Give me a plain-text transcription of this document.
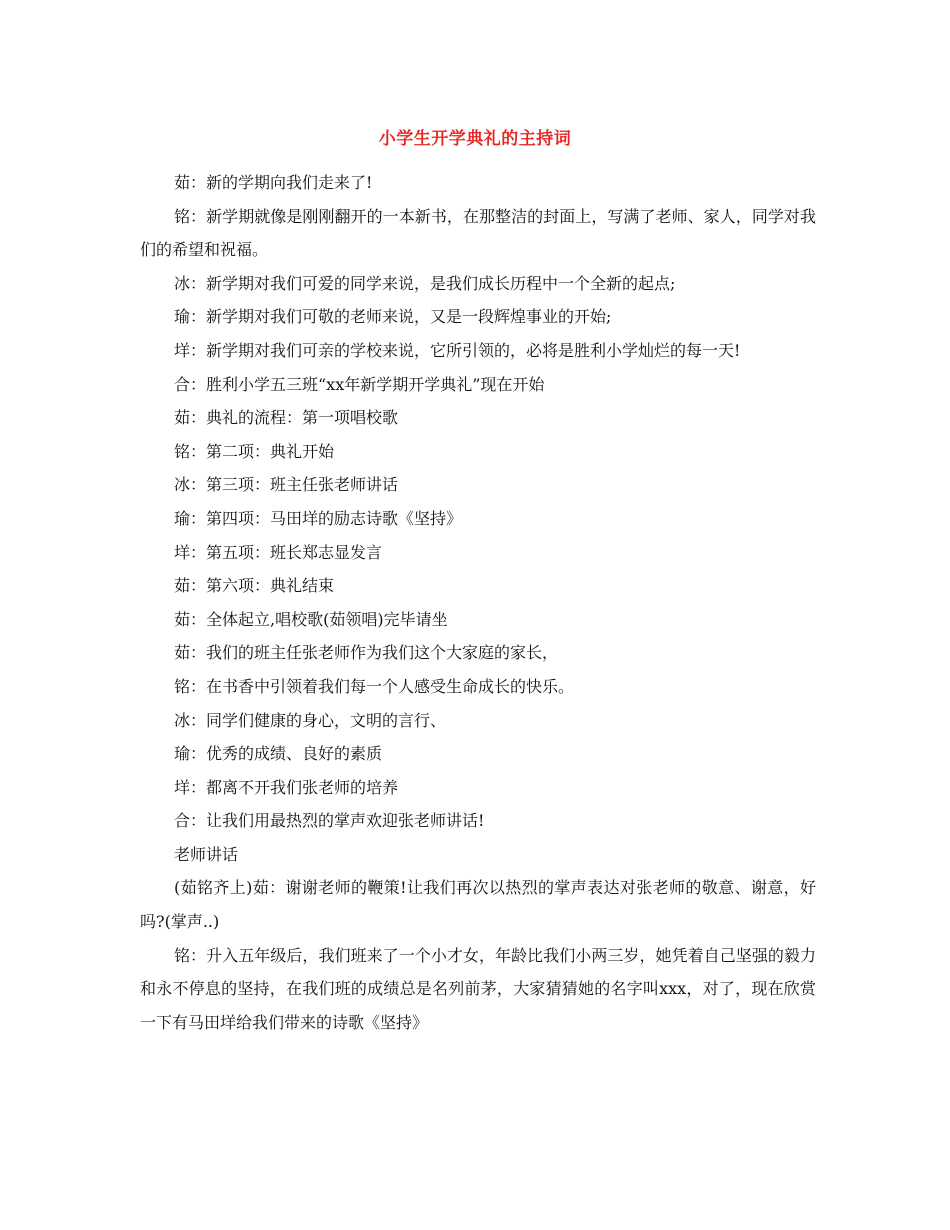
小学生开学典礼的主持词

茹：新的学期向我们走来了!

铭：新学期就像是刚刚翻开的一本新书，在那整洁的封面上，写满了老师、家人，同学对我们的希望和祝福。

冰：新学期对我们可爱的同学来说，是我们成长历程中一个全新的起点;

瑜：新学期对我们可敬的老师来说，又是一段辉煌事业的开始;

垟：新学期对我们可亲的学校来说，它所引领的，必将是胜利小学灿烂的每一天!

合：胜利小学五三班“xx年新学期开学典礼”现在开始

茹：典礼的流程：第一项唱校歌

铭：第二项：典礼开始

冰：第三项：班主任张老师讲话

瑜：第四项：马田垟的励志诗歌《坚持》

垟：第五项：班长郑志显发言

茹：第六项：典礼结束

茹：全体起立,唱校歌(茹领唱)完毕请坐

茹：我们的班主任张老师作为我们这个大家庭的家长，

铭：在书香中引领着我们每一个人感受生命成长的快乐。

冰：同学们健康的身心，文明的言行、

瑜：优秀的成绩、良好的素质

垟：都离不开我们张老师的培养

合：让我们用最热烈的掌声欢迎张老师讲话!

老师讲话

(茹铭齐上)茹：谢谢老师的鞭策!让我们再次以热烈的掌声表达对张老师的敬意、谢意，好吗?(掌声..)

铭：升入五年级后，我们班来了一个小才女，年龄比我们小两三岁，她凭着自己坚强的毅力和永不停息的坚持，在我们班的成绩总是名列前茅，大家猜猜她的名字叫xxx，对了，现在欣赏一下有马田垟给我们带来的诗歌《坚持》
